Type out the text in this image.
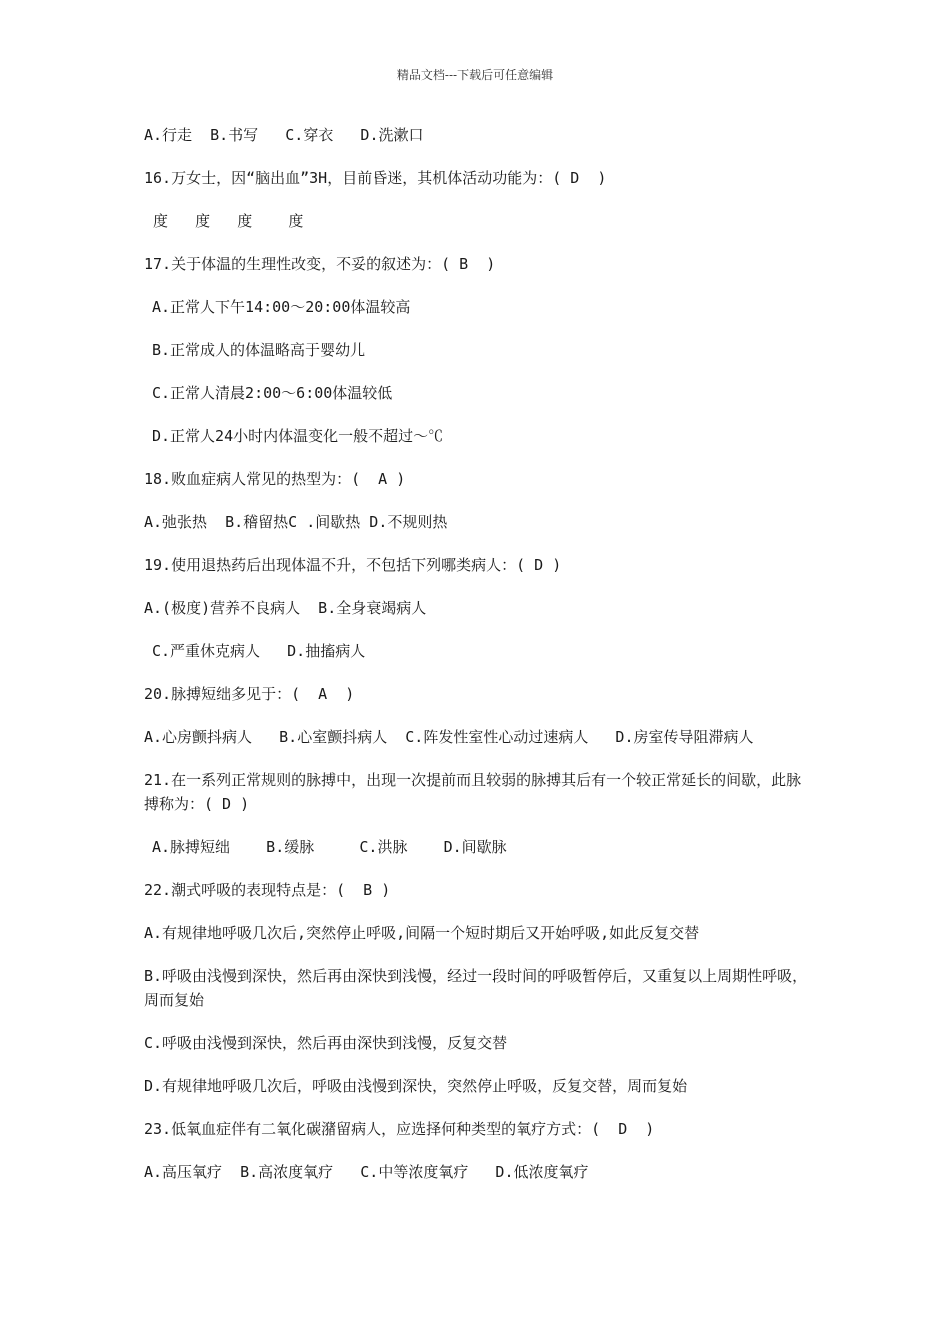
精品文档---下载后可任意编辑
A.行走  B.书写   C.穿衣   D.洗漱口
16.万女士，因“脑出血”3H，目前昏迷，其机体活动功能为：( D  )
度   度   度    度
17.关于体温的生理性改变，不妥的叙述为：( B  )
A.正常人下午14:00～20:00体温较高
B.正常成人的体温略高于婴幼儿
C.正常人清晨2:00～6:00体温较低
D.正常人24小时内体温变化一般不超过～℃
18.败血症病人常见的热型为：(  A )
A.弛张热  B.稽留热C .间歇热 D.不规则热
19.使用退热药后出现体温不升，不包括下列哪类病人：( D )
A.(极度)营养不良病人  B.全身衰竭病人
C.严重休克病人   D.抽搐病人
20.脉搏短绌多见于：(  A  )
A.心房颤抖病人   B.心室颤抖病人  C.阵发性室性心动过速病人   D.房室传导阻滞病人
21.在一系列正常规则的脉搏中，出现一次提前而且较弱的脉搏其后有一个较正常延长的间歇，此脉搏称为：( D )
A.脉搏短绌    B.缓脉     C.洪脉    D.间歇脉
22.潮式呼吸的表现特点是：(  B )
A.有规律地呼吸几次后,突然停止呼吸,间隔一个短时期后又开始呼吸,如此反复交替
B.呼吸由浅慢到深快，然后再由深快到浅慢，经过一段时间的呼吸暂停后，又重复以上周期性呼吸，周而复始
C.呼吸由浅慢到深快，然后再由深快到浅慢，反复交替
D.有规律地呼吸几次后，呼吸由浅慢到深快，突然停止呼吸，反复交替，周而复始
23.低氧血症伴有二氧化碳潴留病人，应选择何种类型的氧疗方式：(  D  )
A.高压氧疗  B.高浓度氧疗   C.中等浓度氧疗   D.低浓度氧疗
